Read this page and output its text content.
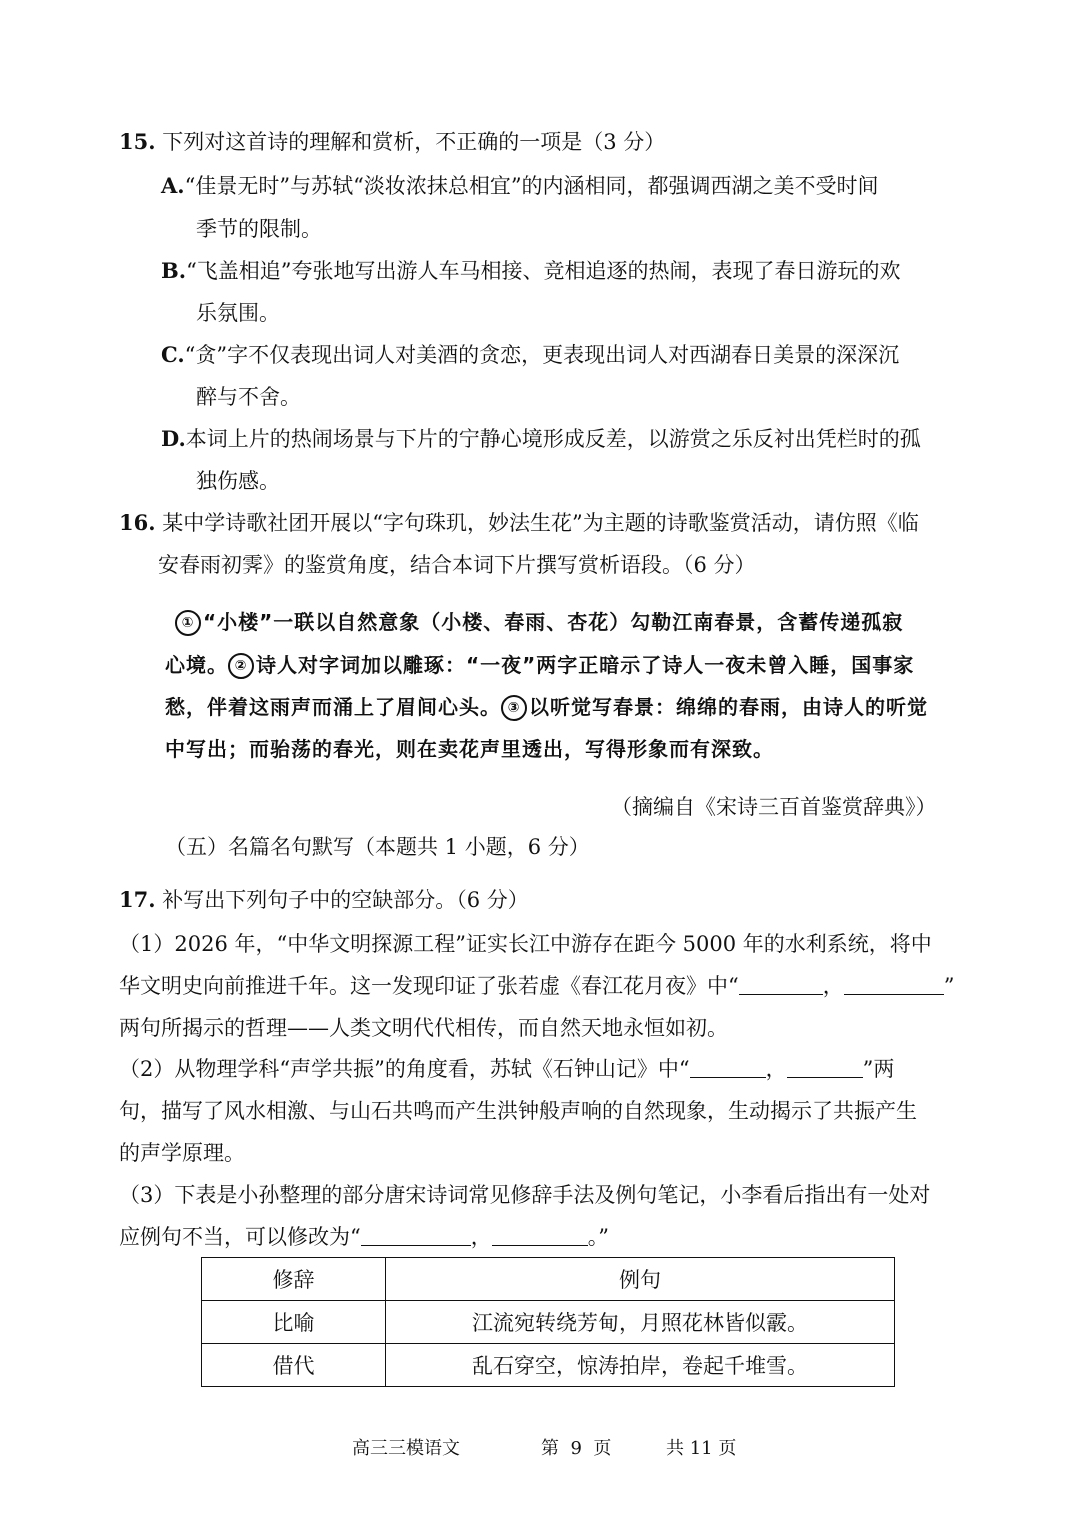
15. 下列对这首诗的理解和赏析，不正确的一项是（3 分）
A.“佳景无时”与苏轼“淡妆浓抹总相宜”的内涵相同，都强调西湖之美不受时间
季节的限制。
B.“飞盖相追”夸张地写出游人车马相接、竞相追逐的热闹，表现了春日游玩的欢
乐氛围。
C.“贪”字不仅表现出词人对美酒的贪恋，更表现出词人对西湖春日美景的深深沉
醉与不舍。
D.本词上片的热闹场景与下片的宁静心境形成反差，以游赏之乐反衬出凭栏时的孤
独伤感。
16. 某中学诗歌社团开展以“字句珠玑，妙法生花”为主题的诗歌鉴赏活动，请仿照《临
安春雨初霁》的鉴赏角度，结合本词下片撰写赏析语段。（6 分）
① “小楼”一联以自然意象（小楼、春雨、杏花）勾勒江南春景，含蓄传递孤寂
心境。 ② 诗人对字词加以雕琢：“一夜”两字正暗示了诗人一夜未曾入睡，国事家
愁，伴着这雨声而涌上了眉间心头。 ③ 以听觉写春景：绵绵的春雨，由诗人的听觉
中写出；而骀荡的春光，则在卖花声里透出，写得形象而有深致。
（摘编自《宋诗三百首鉴赏辞典》）
（五）名篇名句默写（本题共 1 小题，6 分）
17. 补写出下列句子中的空缺部分。（6 分）
（1）2026 年，“中华文明探源工程”证实长江中游存在距今 5000 年的水利系统，将中
华文明史向前推进千年。这一发现印证了张若虚《春江花月夜》中“	，	”
两句所揭示的哲理——人类文明代代相传，而自然天地永恒如初。
（2）从物理学科“声学共振”的角度看，苏轼《石钟山记》中“	，	”两
句，描写了风水相激、与山石共鸣而产生洪钟般声响的自然现象，生动揭示了共振产生
的声学原理。
（3）下表是小孙整理的部分唐宋诗词常见修辞手法及例句笔记，小李看后指出有一处对
应例句不当，可以修改为“	，	。”
修辞	例句
比喻	江流宛转绕芳甸，月照花林皆似霰。
借代	乱石穿空，惊涛拍岸，卷起千堆雪。
高三三模语文	第  9  页	共 11 页
